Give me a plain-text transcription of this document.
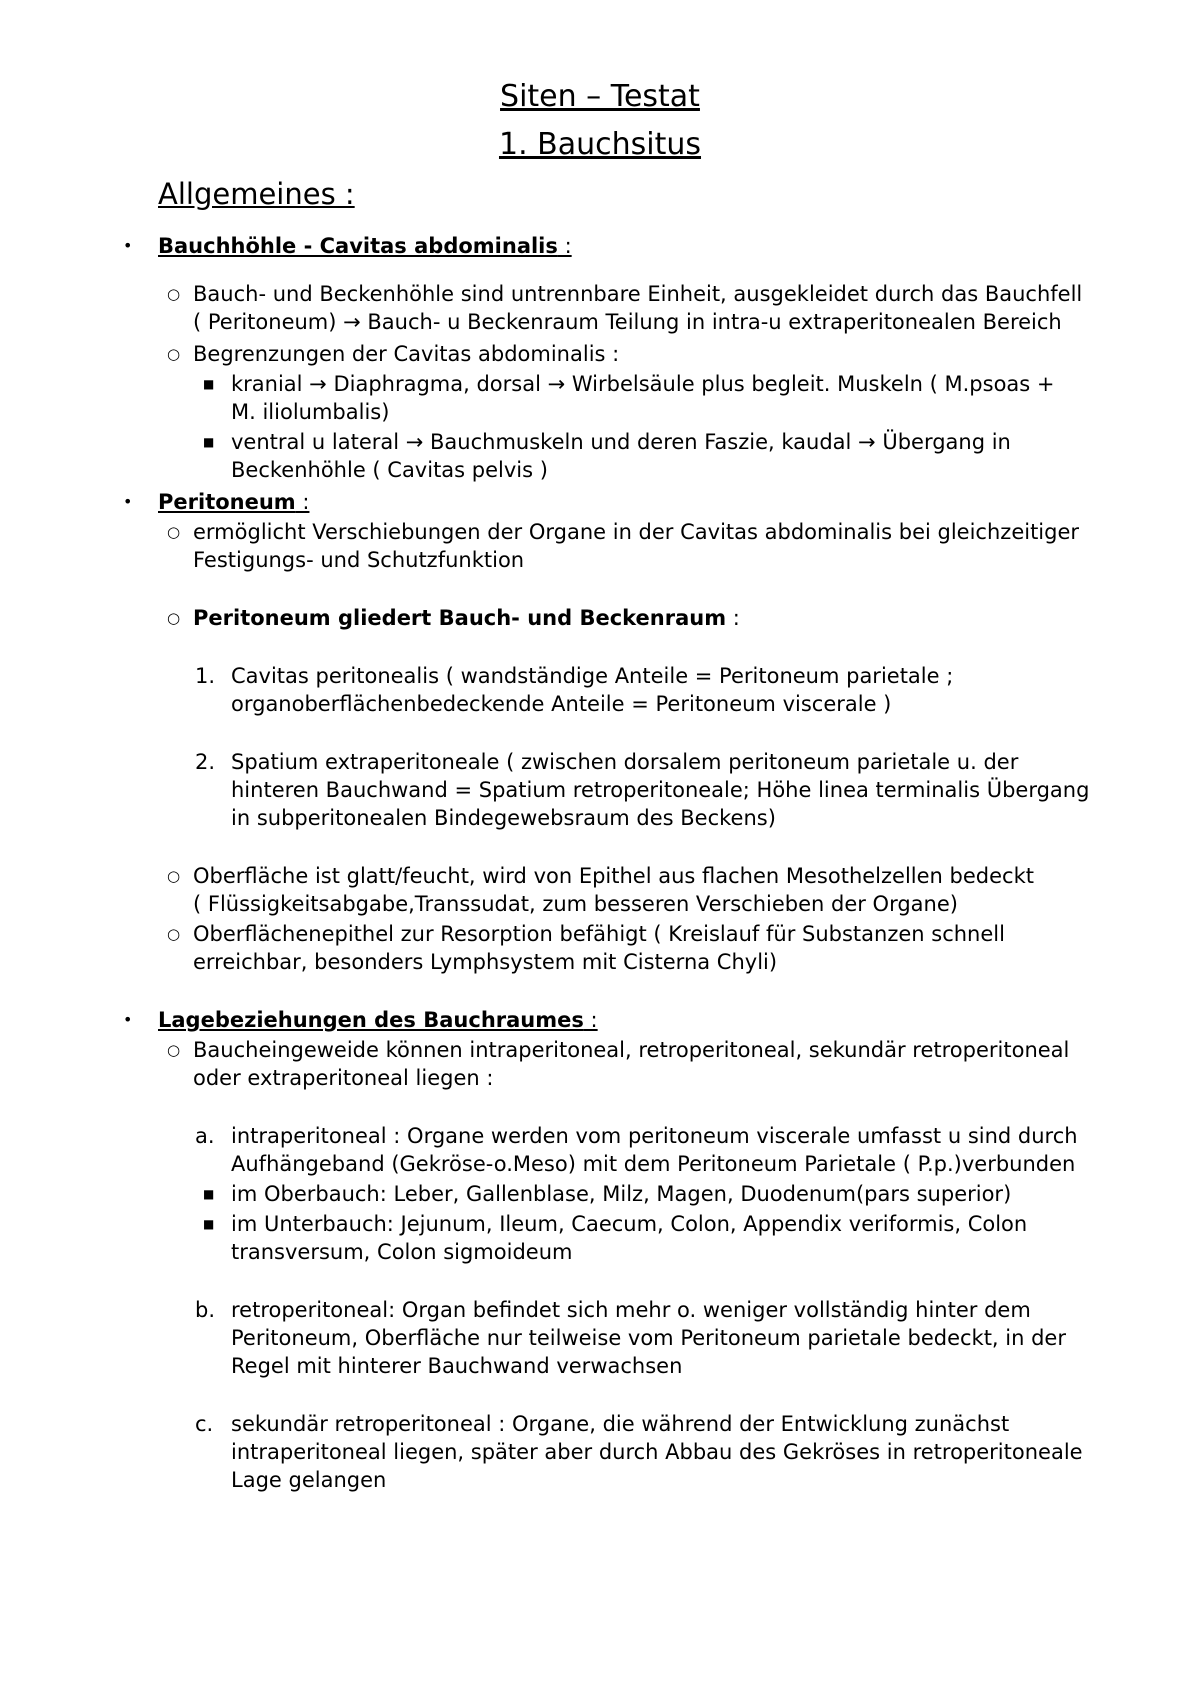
Siten – Testat
1. Bauchsitus
Allgemeines :
• Bauchhöhle - Cavitas abdominalis :
○ Bauch- und Beckenhöhle sind untrennbare Einheit, ausgekleidet durch das Bauchfell
( Peritoneum) → Bauch- u Beckenraum Teilung in intra-u extraperitonealen Bereich
○ Begrenzungen der Cavitas abdominalis :
■ kranial → Diaphragma, dorsal → Wirbelsäule plus begleit. Muskeln ( M.psoas +
M. iliolumbalis)
■ ventral u lateral → Bauchmuskeln und deren Faszie, kaudal → Übergang in
Beckenhöhle ( Cavitas pelvis )
• Peritoneum :
○ ermöglicht Verschiebungen der Organe in der Cavitas abdominalis bei gleichzeitiger
Festigungs- und Schutzfunktion
○ Peritoneum gliedert Bauch- und Beckenraum :
1. Cavitas peritonealis ( wandständige Anteile = Peritoneum parietale ;
organoberflächenbedeckende Anteile = Peritoneum viscerale )
2. Spatium extraperitoneale ( zwischen dorsalem peritoneum parietale u. der
hinteren Bauchwand = Spatium retroperitoneale; Höhe linea terminalis Übergang
in subperitonealen Bindegewebsraum des Beckens)
○ Oberfläche ist glatt/feucht, wird von Epithel aus flachen Mesothelzellen bedeckt
( Flüssigkeitsabgabe,Transsudat, zum besseren Verschieben der Organe)
○ Oberflächenepithel zur Resorption befähigt ( Kreislauf für Substanzen schnell
erreichbar, besonders Lymphsystem mit Cisterna Chyli)
• Lagebeziehungen des Bauchraumes :
○ Baucheingeweide können intraperitoneal, retroperitoneal, sekundär retroperitoneal
oder extraperitoneal liegen :
a. intraperitoneal : Organe werden vom peritoneum viscerale umfasst u sind durch
Aufhängeband (Gekröse-o.Meso) mit dem Peritoneum Parietale ( P.p.)verbunden
■ im Oberbauch: Leber, Gallenblase, Milz, Magen, Duodenum(pars superior)
■ im Unterbauch: Jejunum, Ileum, Caecum, Colon, Appendix veriformis, Colon
transversum, Colon sigmoideum
b. retroperitoneal: Organ befindet sich mehr o. weniger vollständig hinter dem
Peritoneum, Oberfläche nur teilweise vom Peritoneum parietale bedeckt, in der
Regel mit hinterer Bauchwand verwachsen
c. sekundär retroperitoneal : Organe, die während der Entwicklung zunächst
intraperitoneal liegen, später aber durch Abbau des Gekröses in retroperitoneale
Lage gelangen
